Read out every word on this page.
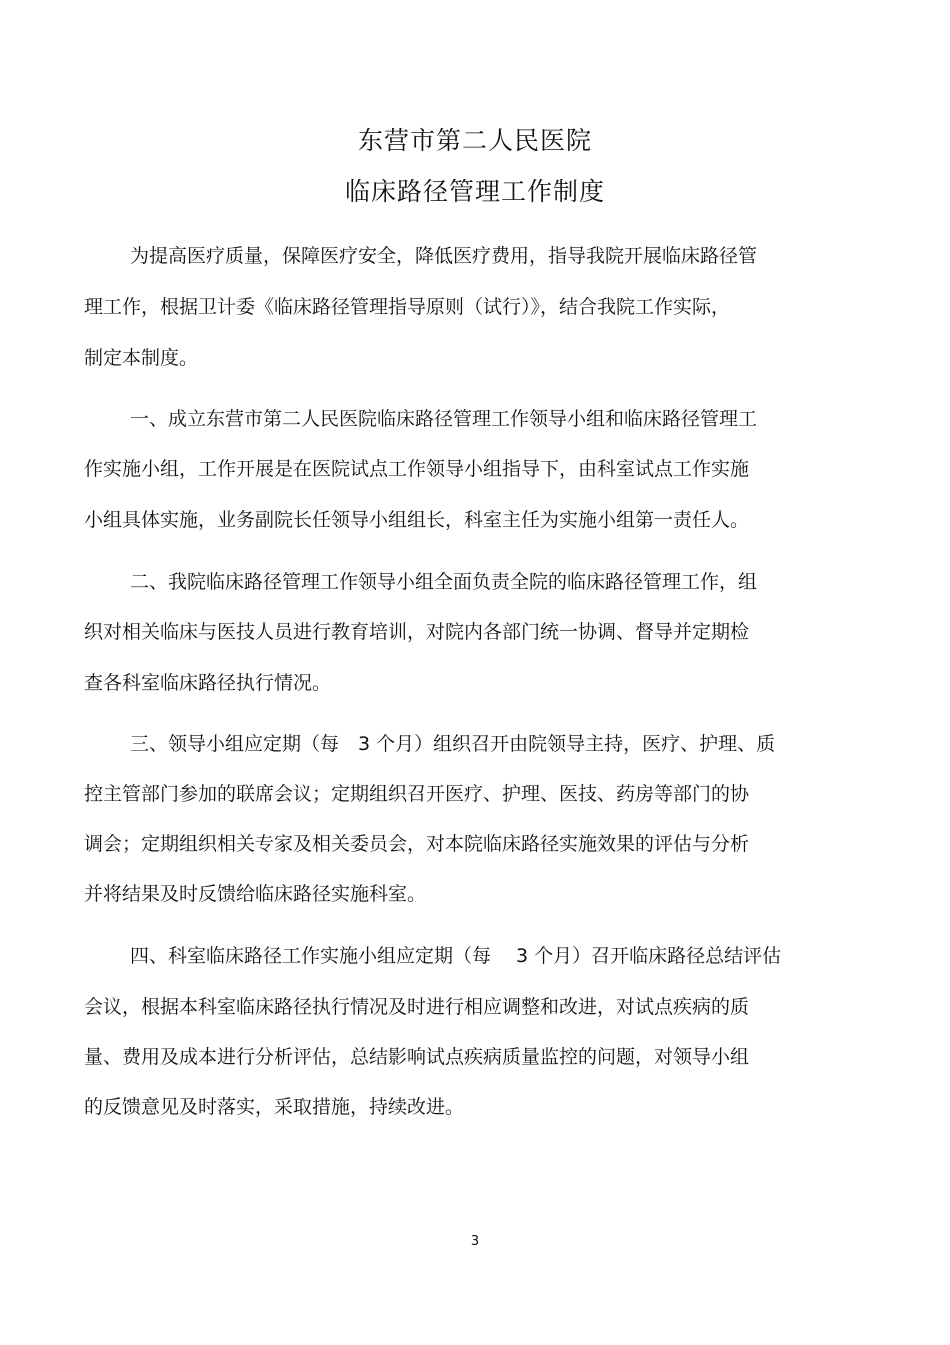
东营市第二人民医院
临床路径管理工作制度

为提高医疗质量，保障医疗安全，降低医疗费用，指导我院开展临床路径管

理工作，根据卫计委《临床路径管理指导原则（试行）》，结合我院工作实际，

制定本制度。

一、成立东营市第二人民医院临床路径管理工作领导小组和临床路径管理工

作实施小组，工作开展是在医院试点工作领导小组指导下，由科室试点工作实施

小组具体实施，业务副院长任领导小组组长，科室主任为实施小组第一责任人。

二、我院临床路径管理工作领导小组全面负责全院的临床路径管理工作，组

织对相关临床与医技人员进行教育培训，对院内各部门统一协调、督导并定期检

查各科室临床路径执行情况。

三、领导小组应定期（每　3 个月）组织召开由院领导主持，医疗、护理、质

控主管部门参加的联席会议；定期组织召开医疗、护理、医技、药房等部门的协

调会；定期组织相关专家及相关委员会，对本院临床路径实施效果的评估与分析

并将结果及时反馈给临床路径实施科室。

四、科室临床路径工作实施小组应定期（每　 3 个月）召开临床路径总结评估

会议，根据本科室临床路径执行情况及时进行相应调整和改进，对试点疾病的质

量、费用及成本进行分析评估，总结影响试点疾病质量监控的问题，对领导小组

的反馈意见及时落实，采取措施，持续改进。

3
